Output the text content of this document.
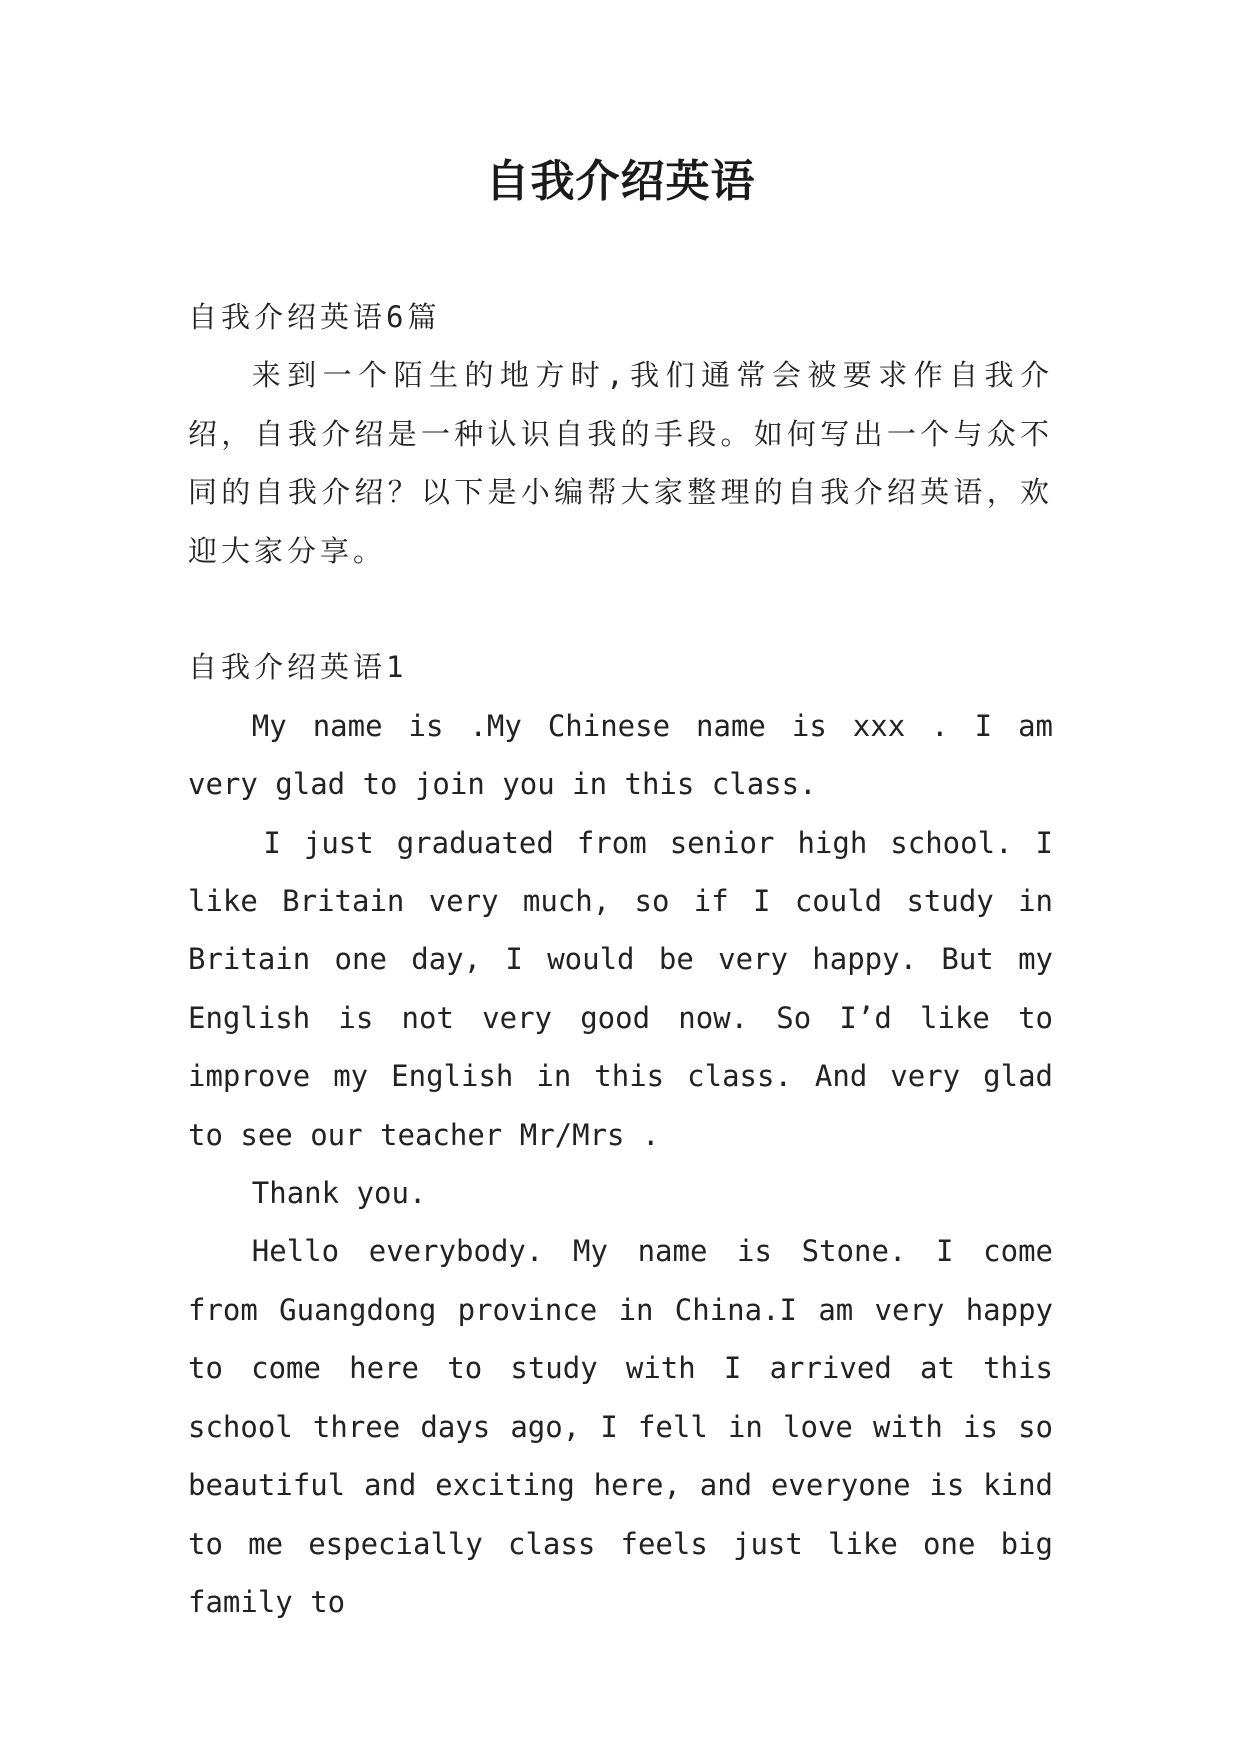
自我介绍英语

自我介绍英语6篇

来到一个陌生的地方时,我们通常会被要求作自我介绍，自我介绍是一种认识自我的手段。如何写出一个与众不同的自我介绍？以下是小编帮大家整理的自我介绍英语，欢迎大家分享。

自我介绍英语1

My name is .My Chinese name is xxx . I am very glad to join you in this class.

I just graduated from senior high school. I like Britain very much, so if I could study in Britain one day, I would be very happy. But my English is not very good now. So I’d like to improve my English in this class. And very glad to see our teacher Mr/Mrs .

Thank you.

Hello everybody. My name is Stone. I come from Guangdong province in China.I am very happy to come here to study with I arrived at this school three days ago, I fell in love with is so beautiful and exciting here, and everyone is kind to me especially class feels just like one big family to
